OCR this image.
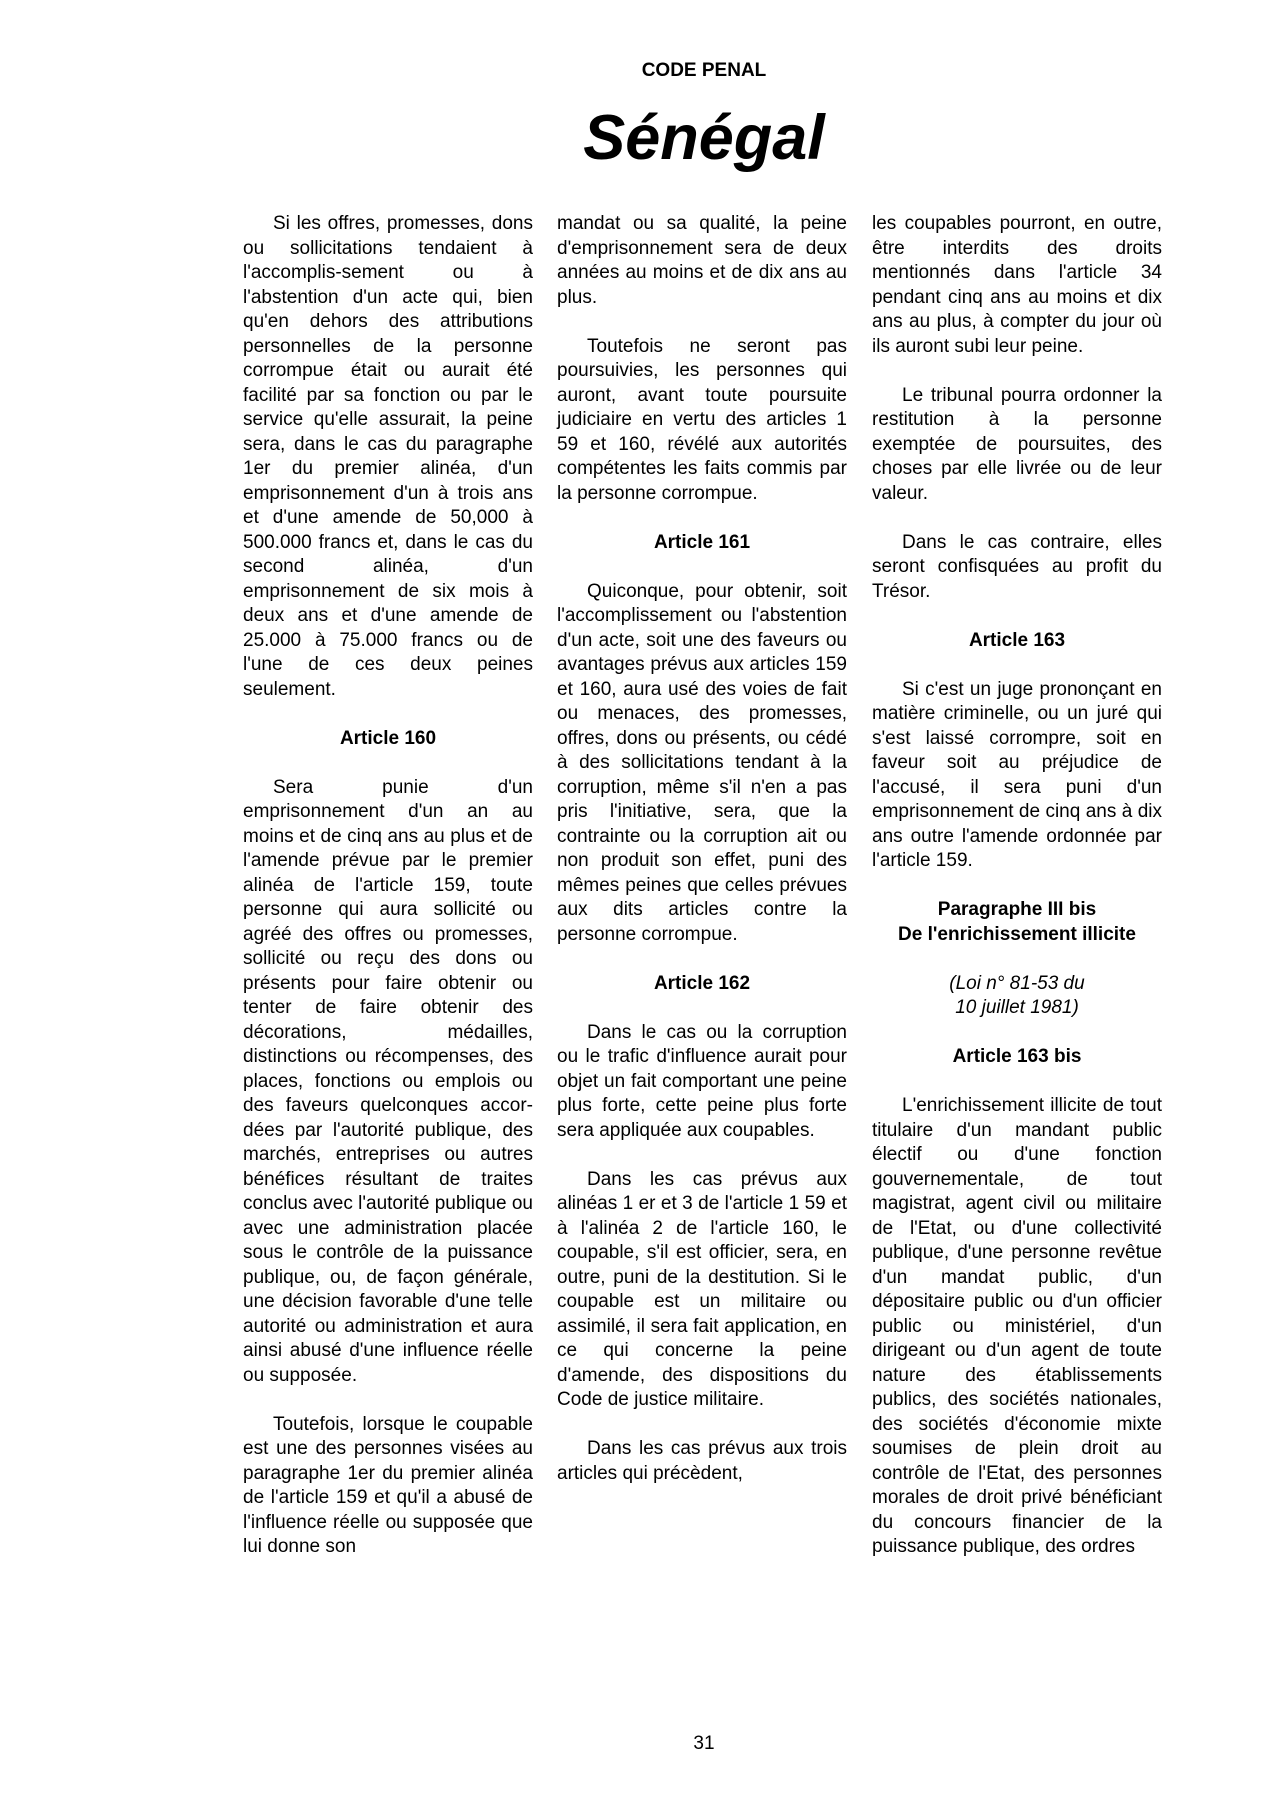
CODE PENAL
Sénégal

Si les offres, promesses, dons ou sollicitations tendaient à l'accomplis-sement ou à l'abstention d'un acte qui, bien qu'en dehors des attributions personnelles de la personne corrompue était ou aurait été facilité par sa fonction ou par le service qu'elle assurait, la peine sera, dans le cas du paragraphe 1er du premier alinéa, d'un emprisonnement d'un à trois ans et d'une amende de 50,000 à 500.000 francs et, dans le cas du second alinéa, d'un emprisonnement de six mois à deux ans et d'une amende de 25.000 à 75.000 francs ou de l'une de ces deux peines seulement.

Article 160

Sera punie d'un emprisonnement d'un an au moins et de cinq ans au plus et de l'amende prévue par le premier alinéa de l'article 159, toute personne qui aura sollicité ou agréé des offres ou promesses, sollicité ou reçu des dons ou présents pour faire obtenir ou tenter de faire obtenir des décorations, médailles, distinctions ou récompenses, des places, fonctions ou emplois ou des faveurs quelconques accor-dées par l'autorité publique, des marchés, entreprises ou autres bénéfices résultant de traites conclus avec l'autorité publique ou avec une administration placée sous le contrôle de la puissance publique, ou, de façon générale, une décision favorable d'une telle autorité ou administration et aura ainsi abusé d'une influence réelle ou supposée.

Toutefois, lorsque le coupable est une des personnes visées au paragraphe 1er du premier alinéa de l'article 159 et qu'il a abusé de l'influence réelle ou supposée que lui donne son

mandat ou sa qualité, la peine d'emprisonnement sera de deux années au moins et de dix ans au plus.

Toutefois ne seront pas poursuivies, les personnes qui auront, avant toute poursuite judiciaire en vertu des articles 1 59 et 160, révélé aux autorités compétentes les faits commis par la personne corrompue.

Article 161

Quiconque, pour obtenir, soit l'accomplissement ou l'abstention d'un acte, soit une des faveurs ou avantages prévus aux articles 159 et 160, aura usé des voies de fait ou menaces, des promesses, offres, dons ou présents, ou cédé à des sollicitations tendant à la corruption, même s'il n'en a pas pris l'initiative, sera, que la contrainte ou la corruption ait ou non produit son effet, puni des mêmes peines que celles prévues aux dits articles contre la personne corrompue.

Article 162

Dans le cas ou la corruption ou le trafic d'influence aurait pour objet un fait comportant une peine plus forte, cette peine plus forte sera appliquée aux coupables.

Dans les cas prévus aux alinéas 1 er et 3 de l'article 1 59 et à l'alinéa 2 de l'article 160, le coupable, s'il est officier, sera, en outre, puni de la destitution. Si le coupable est un militaire ou assimilé, il sera fait application, en ce qui concerne la peine d'amende, des dispositions du Code de justice militaire.

Dans les cas prévus aux trois articles qui précèdent,

les coupables pourront, en outre, être interdits des droits mentionnés dans l'article 34 pendant cinq ans au moins et dix ans au plus, à compter du jour où ils auront subi leur peine.

Le tribunal pourra ordonner la restitution à la personne exemptée de poursuites, des choses par elle livrée ou de leur valeur.

Dans le cas contraire, elles seront confisquées au profit du Trésor.

Article 163

Si c'est un juge prononçant en matière criminelle, ou un juré qui s'est laissé corrompre, soit en faveur soit au préjudice de l'accusé, il sera puni d'un emprisonnement de cinq ans à dix ans outre l'amende ordonnée par l'article 159.

Paragraphe III bis
De l'enrichissement illicite
(Loi n° 81-53 du
10 juillet 1981)
Article 163 bis

L'enrichissement illicite de tout titulaire d'un mandant public électif ou d'une fonction gouvernementale, de tout magistrat, agent civil ou militaire de l'Etat, ou d'une collectivité publique, d'une personne revêtue d'un mandat public, d'un dépositaire public ou d'un officier public ou ministériel, d'un dirigeant ou d'un agent de toute nature des établissements publics, des sociétés nationales, des sociétés d'économie mixte soumises de plein droit au contrôle de l'Etat, des personnes morales de droit privé bénéficiant du concours financier de la puissance publique, des ordres

31
